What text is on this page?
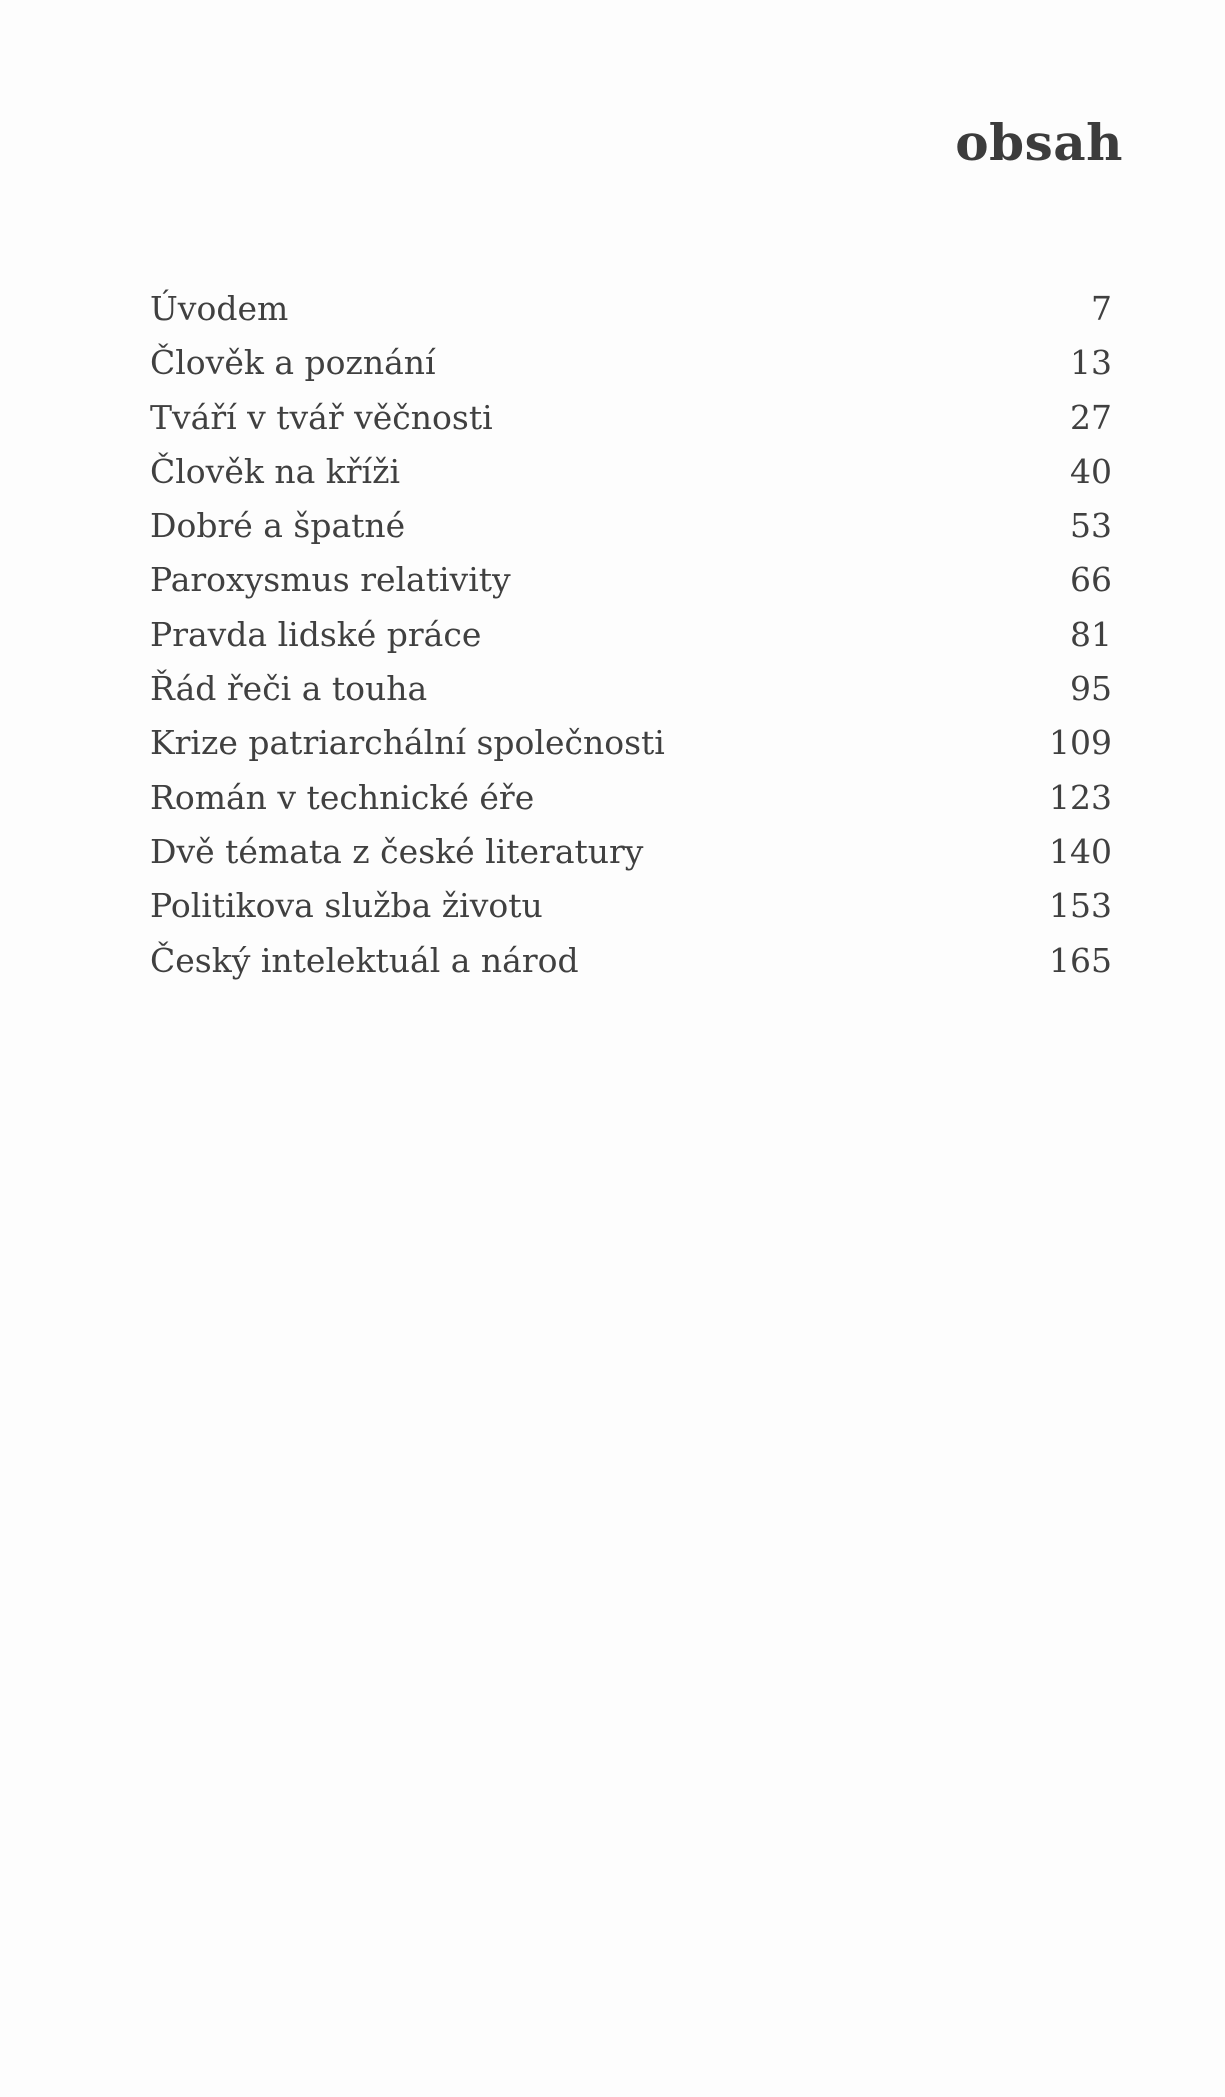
obsah
Úvodem	7
Člověk a poznání	13
Tváří v tvář věčnosti	27
Člověk na kříži	40
Dobré a špatné	53
Paroxysmus relativity	66
Pravda lidské práce	81
Řád řeči a touha	95
Krize patriarchální společnosti	109
Román v technické éře	123
Dvě témata z české literatury	140
Politikova služba životu	153
Český intelektuál a národ	165
